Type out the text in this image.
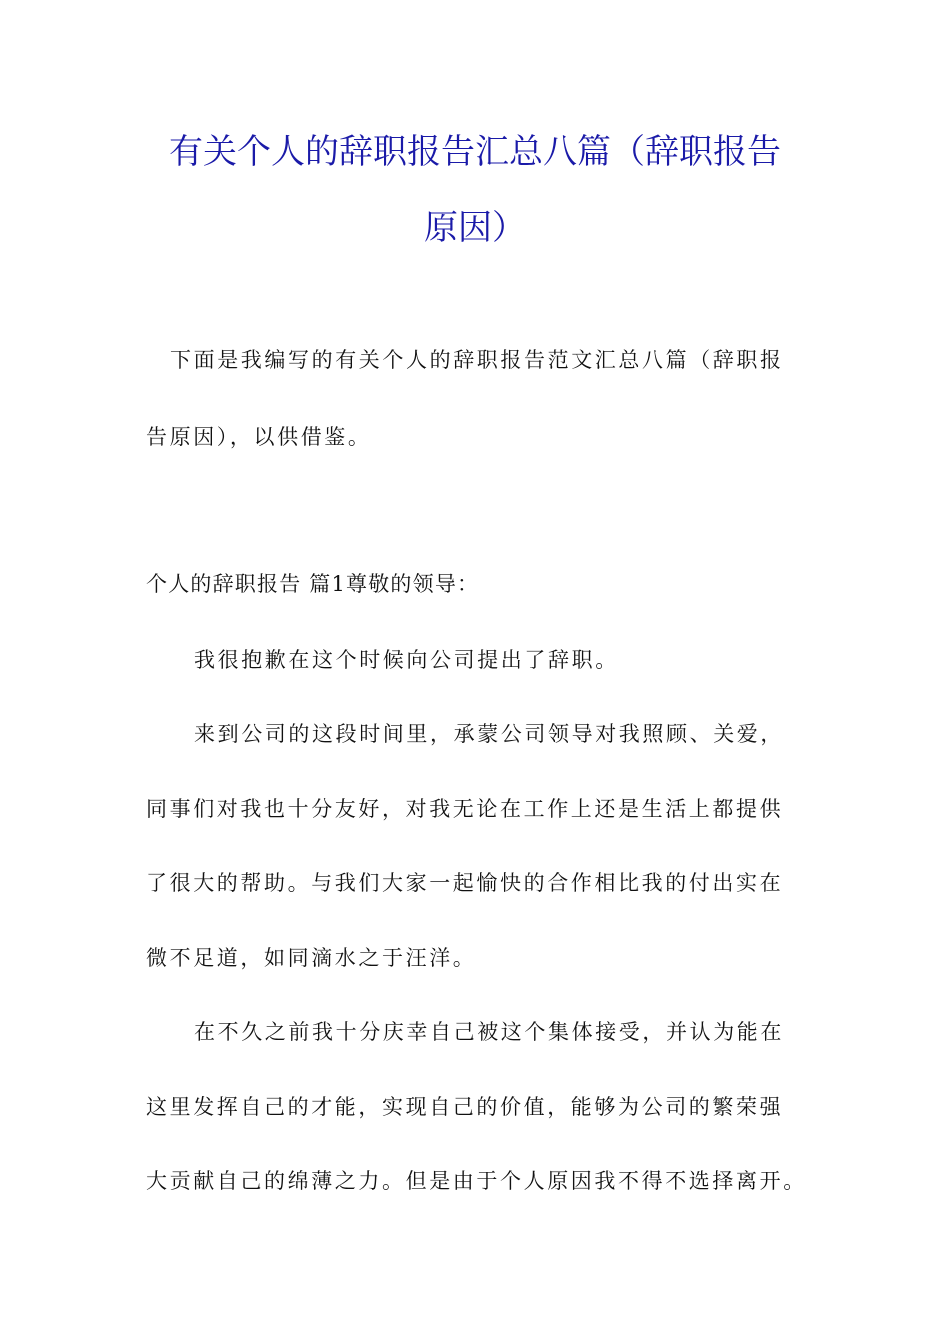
有关个人的辞职报告汇总八篇（辞职报告
原因）
下面是我编写的有关个人的辞职报告范文汇总八篇（辞职报
告原因），以供借鉴。
个人的辞职报告 篇1尊敬的领导：
我很抱歉在这个时候向公司提出了辞职。
来到公司的这段时间里，承蒙公司领导对我照顾、关爱，
同事们对我也十分友好，对我无论在工作上还是生活上都提供
了很大的帮助。与我们大家一起愉快的合作相比我的付出实在
微不足道，如同滴水之于汪洋。
在不久之前我十分庆幸自己被这个集体接受，并认为能在
这里发挥自己的才能，实现自己的价值，能够为公司的繁荣强
大贡献自己的绵薄之力。但是由于个人原因我不得不选择离开。
